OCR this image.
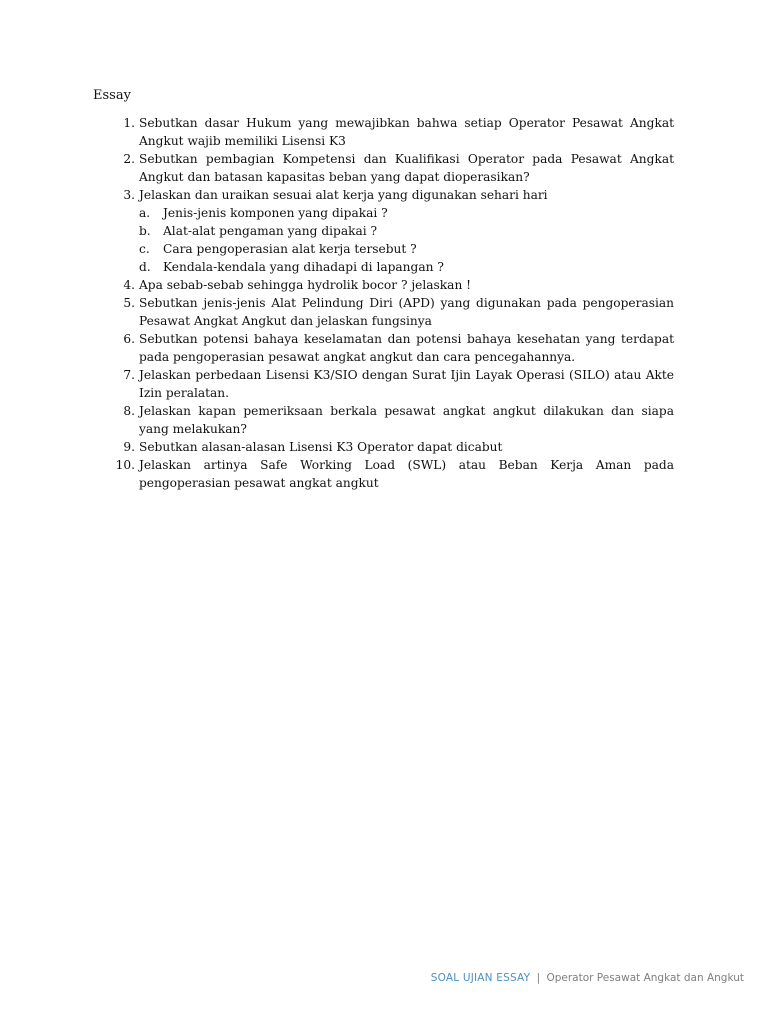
Essay
1. Sebutkan dasar Hukum yang mewajibkan bahwa setiap Operator Pesawat Angkat Angkut wajib memiliki Lisensi K3
2. Sebutkan pembagian Kompetensi dan Kualifikasi Operator pada Pesawat Angkat Angkut dan batasan kapasitas beban yang dapat dioperasikan?
3. Jelaskan dan uraikan sesuai alat kerja yang digunakan sehari hari
a. Jenis-jenis komponen yang dipakai ?
b. Alat-alat pengaman yang dipakai ?
c. Cara pengoperasian alat kerja tersebut ?
d. Kendala-kendala yang dihadapi di lapangan ?
4. Apa sebab-sebab sehingga hydrolik bocor ? jelaskan !
5. Sebutkan jenis-jenis Alat Pelindung Diri (APD) yang digunakan pada pengoperasian Pesawat Angkat Angkut dan jelaskan fungsinya
6. Sebutkan potensi bahaya keselamatan dan potensi bahaya kesehatan yang terdapat pada pengoperasian pesawat angkat angkut dan cara pencegahannya.
7. Jelaskan perbedaan Lisensi K3/SIO dengan Surat Ijin Layak Operasi (SILO) atau Akte Izin peralatan.
8. Jelaskan kapan pemeriksaan berkala pesawat angkat angkut dilakukan dan siapa yang melakukan?
9. Sebutkan alasan-alasan Lisensi K3 Operator dapat dicabut
10. Jelaskan artinya Safe Working Load (SWL) atau Beban Kerja Aman pada pengoperasian pesawat angkat angkut
SOAL UJIAN ESSAY | Operator Pesawat Angkat dan Angkut
